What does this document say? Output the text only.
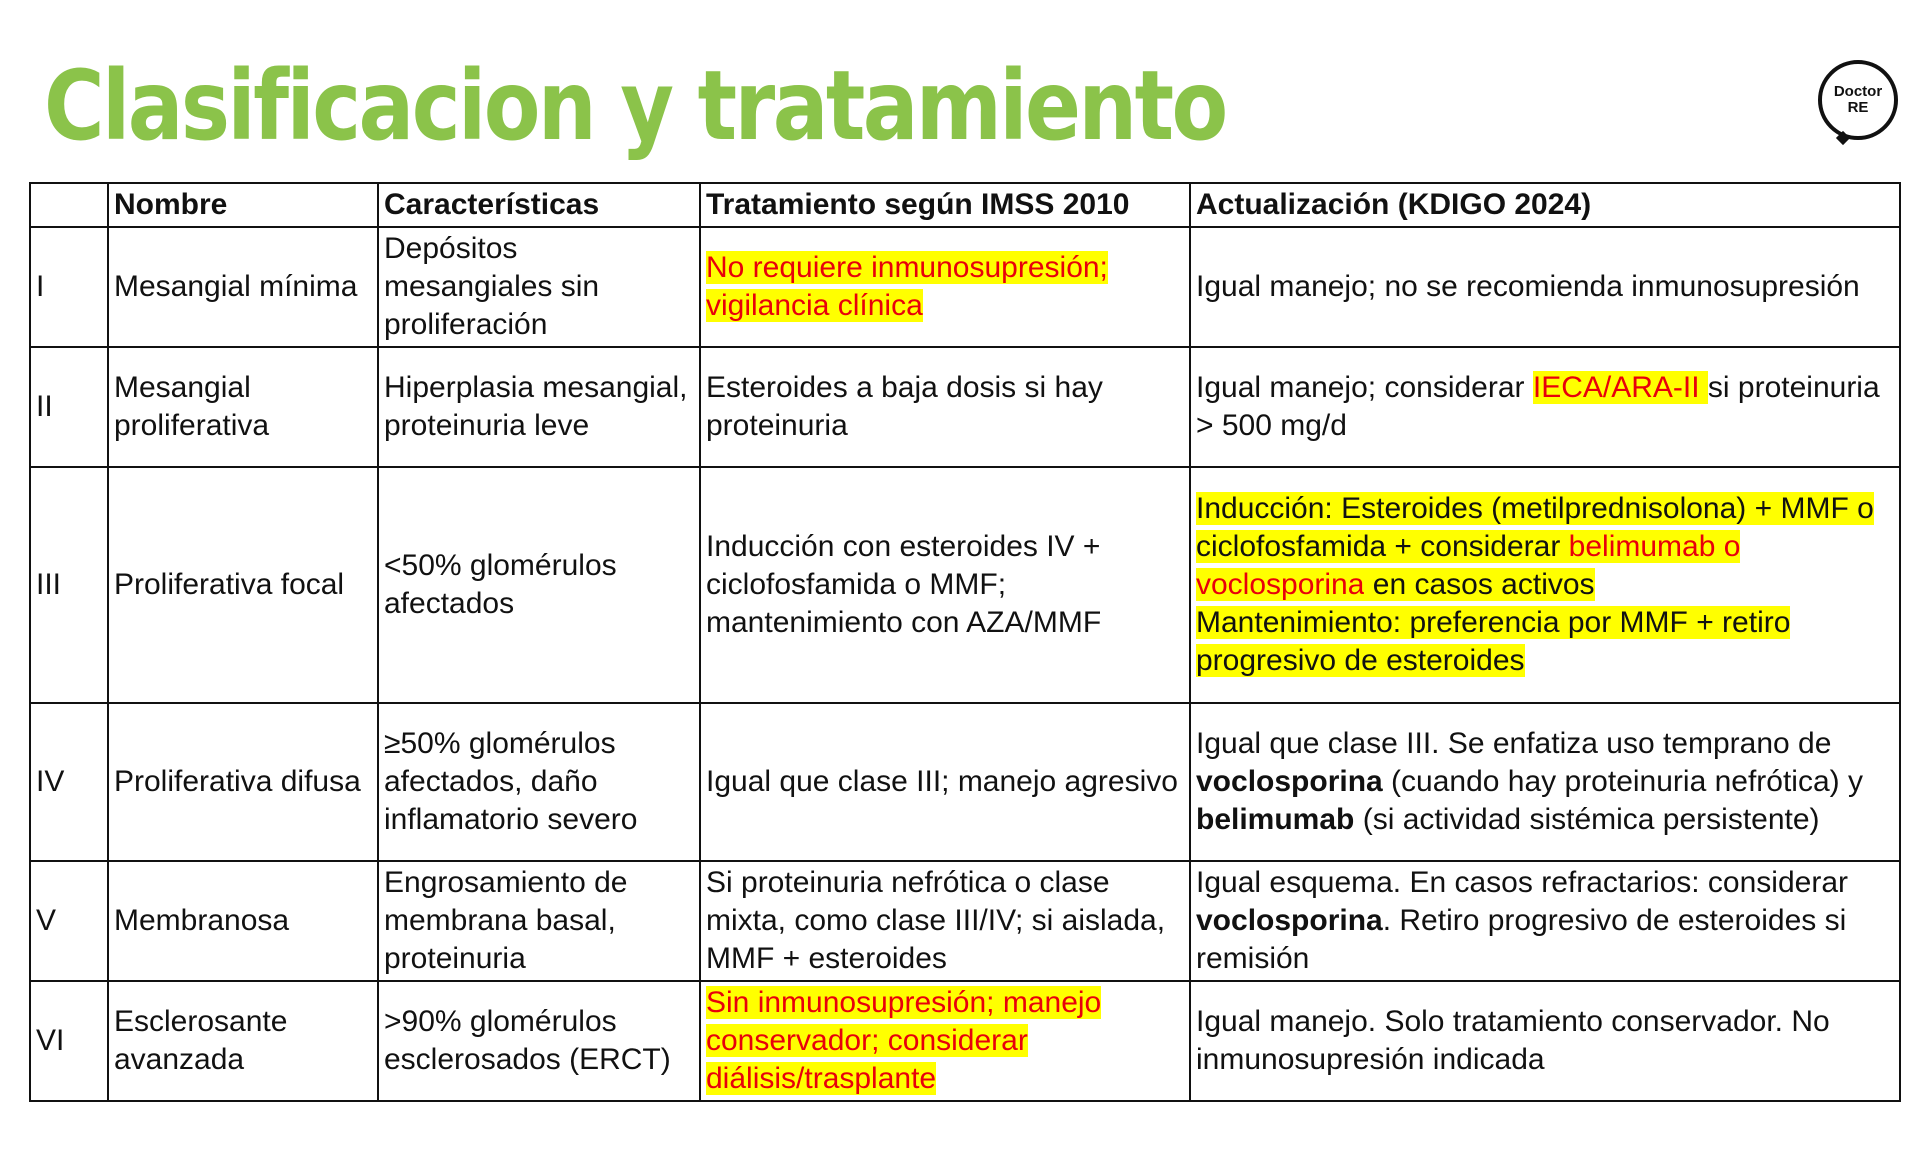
Clasificacion y tratamiento	Doctor
RE
	Nombre	Características	Tratamiento según IMSS 2010	Actualización (KDIGO 2024)
I	Mesangial mínima	Depósitos mesangiales sin proliferación	No requiere inmunosupresión; vigilancia clínica	Igual manejo; no se recomienda inmunosupresión
II	Mesangial proliferativa	Hiperplasia mesangial, proteinuria leve	Esteroides a baja dosis si hay proteinuria	Igual manejo; considerar IECA/ARA-II si proteinuria > 500 mg/d
III	Proliferativa focal	<50% glomérulos afectados	Inducción con esteroides IV + ciclofosfamida o MMF; mantenimiento con AZA/MMF	Inducción: Esteroides (metilprednisolona) + MMF o ciclofosfamida + considerar belimumab o voclosporina en casos activos
Mantenimiento: preferencia por MMF + retiro progresivo de esteroides
IV	Proliferativa difusa	≥50% glomérulos afectados, daño inflamatorio severo	Igual que clase III; manejo agresivo	Igual que clase III. Se enfatiza uso temprano de voclosporina (cuando hay proteinuria nefrótica) y belimumab (si actividad sistémica persistente)
V	Membranosa	Engrosamiento de membrana basal, proteinuria	Si proteinuria nefrótica o clase mixta, como clase III/IV; si aislada, MMF + esteroides	Igual esquema. En casos refractarios: considerar voclosporina. Retiro progresivo de esteroides si remisión
VI	Esclerosante avanzada	>90% glomérulos esclerosados (ERCT)	Sin inmunosupresión; manejo conservador; considerar diálisis/trasplante	Igual manejo. Solo tratamiento conservador. No inmunosupresión indicada
